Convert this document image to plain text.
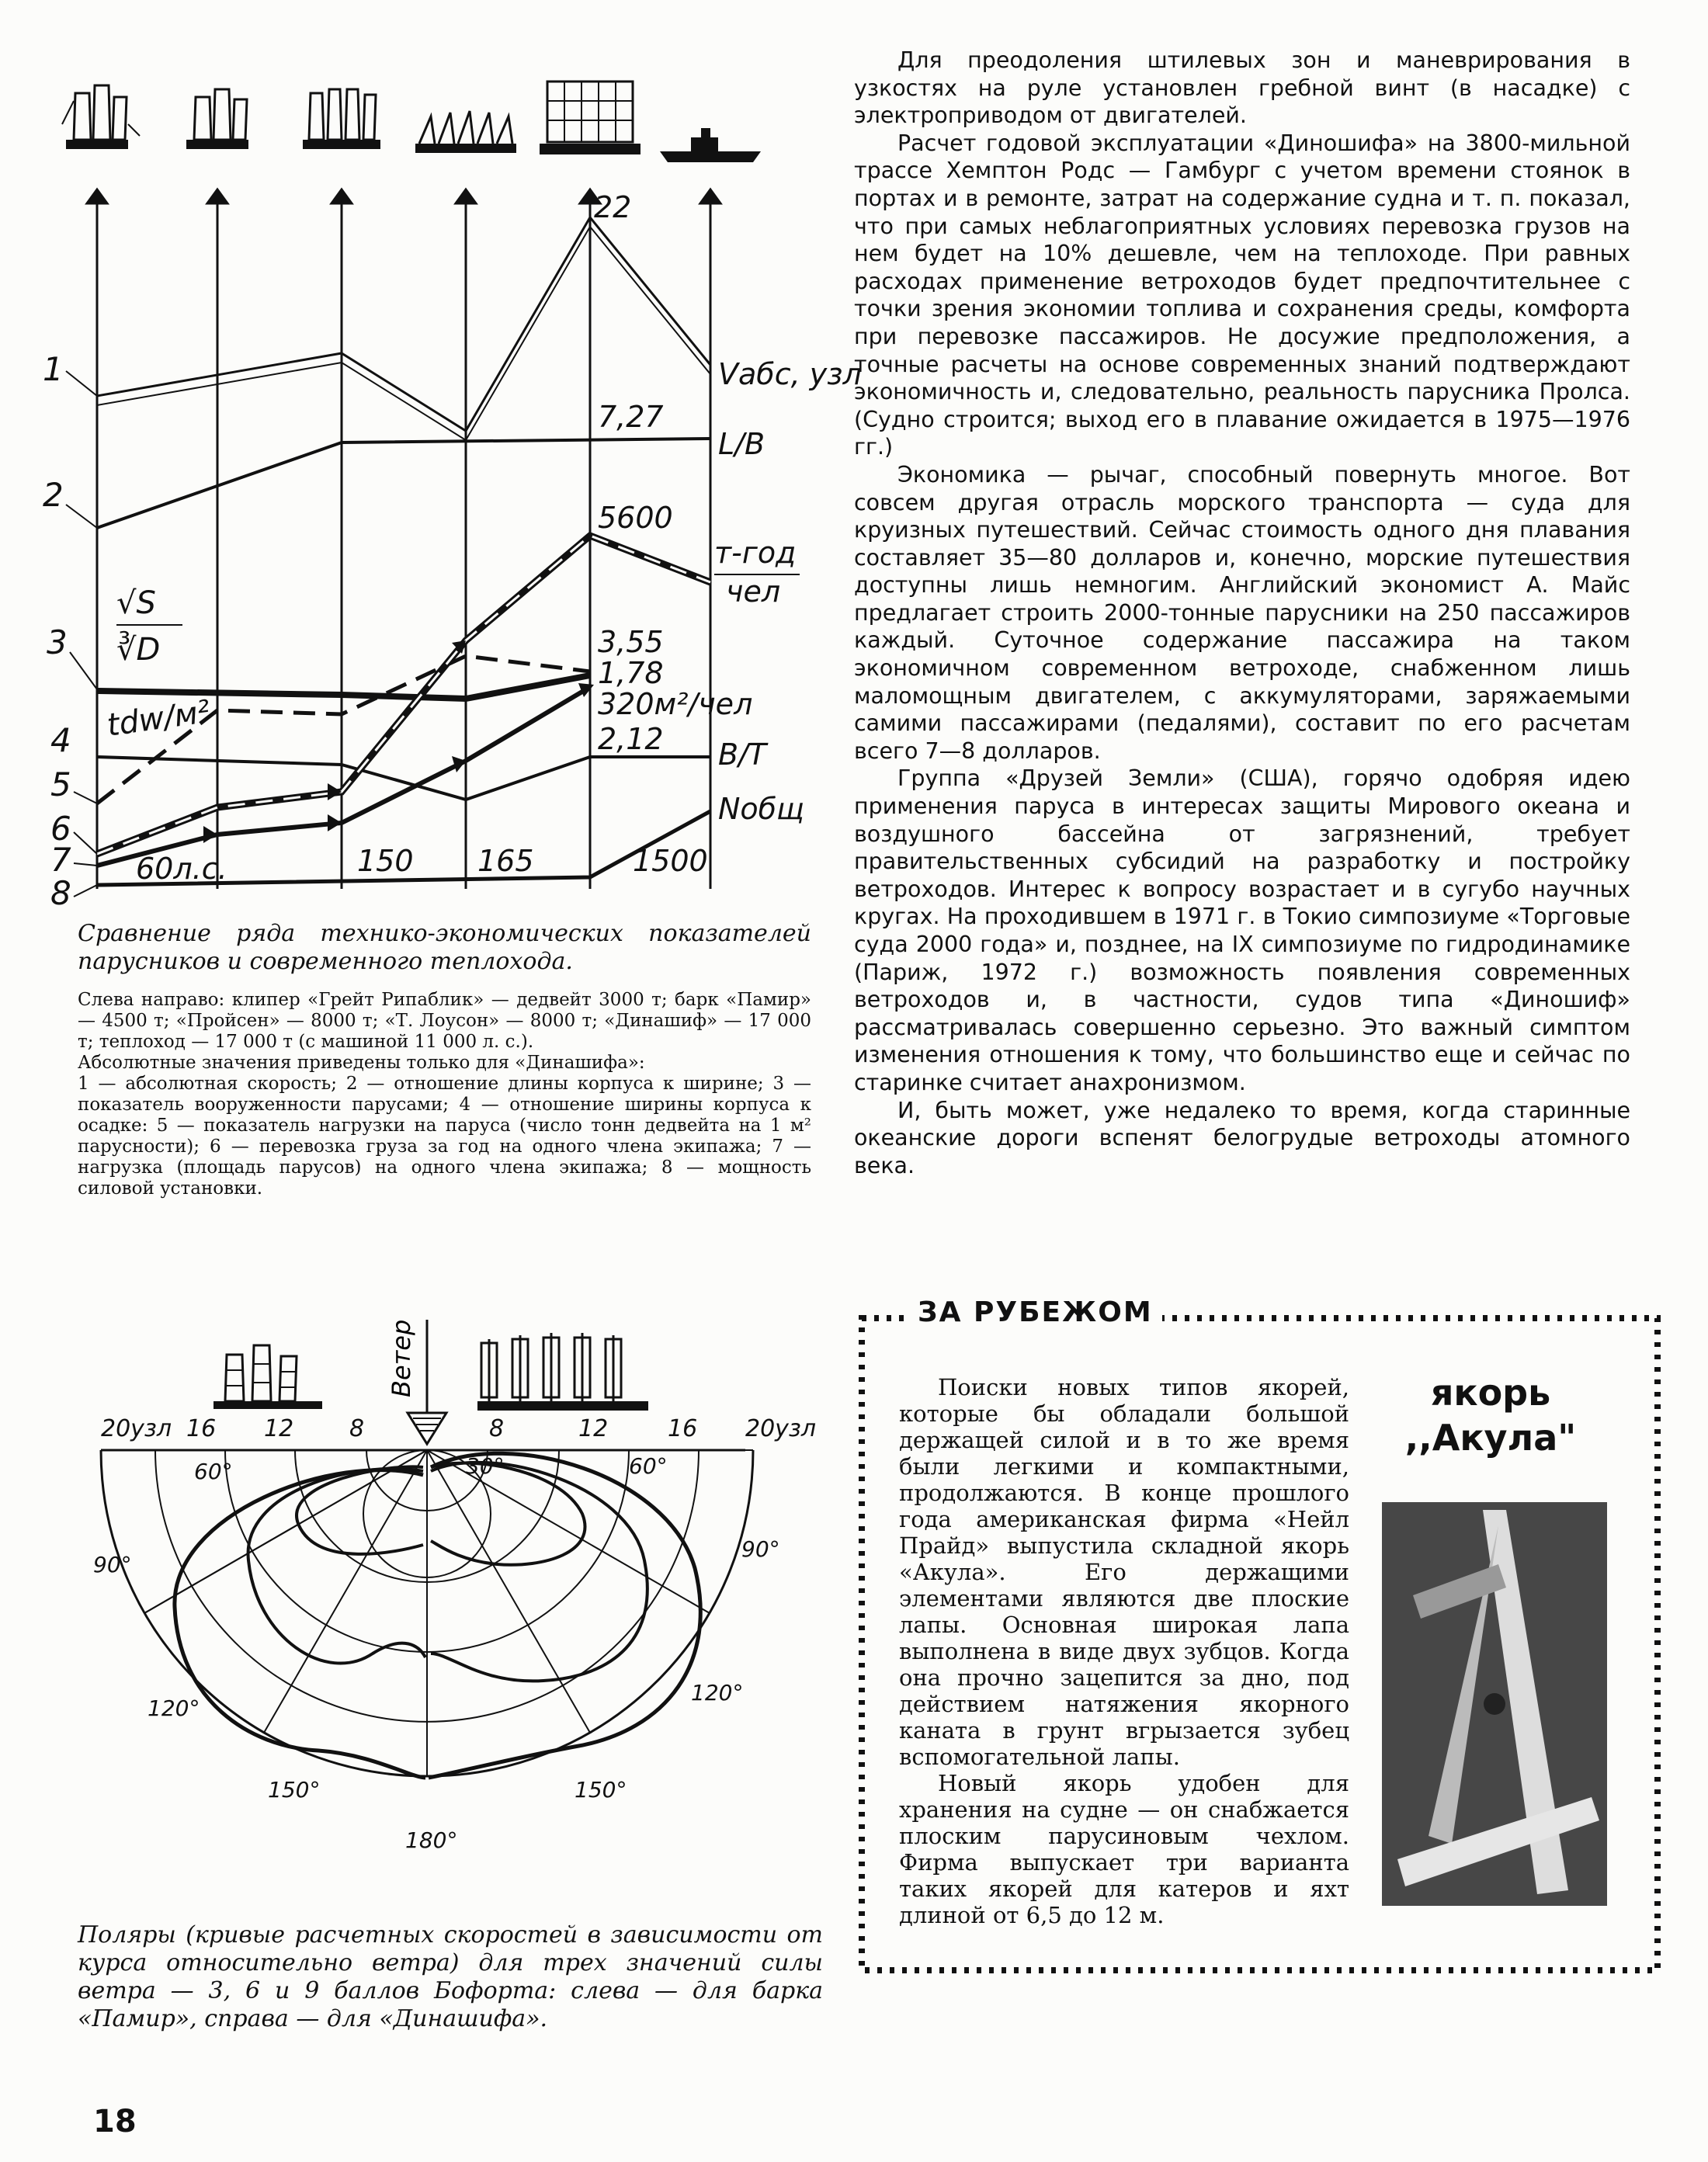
1
2
3
4
5
6
7
8
Vабс, узл
L/B
т-год
чел
B/T
Nобщ
√S
∛D
tdw/м²
22
7,27
5600
3,55
1,78
320м²/чел
2,12
60л.с.	150 165	1500
Сравнение ряда технико-экономических показателей парусников и современного теплохода.

Слева направо: клипер «Грейт Рипаблик» — дедвейт 3000 т; барк «Памир» — 4500 т; «Пройсен» — 8000 т; «Т. Лоусон» — 8000 т; «Динашиф» — 17 000 т; теплоход — 17 000 т (с машиной 11 000 л. с.).

Абсолютные значения приведены только для «Динашифа»:

1 — абсолютная скорость; 2 — отношение длины корпуса к ширине; 3 — показатель вооруженности парусами; 4 — отношение ширины корпуса к осадке: 5 — показатель нагрузки на паруса (число тонн дедвейта на 1 м² парусности); 6 — перевозка груза за год на одного члена экипажа; 7 — нагрузка (площадь парусов) на одного члена экипажа; 8 — мощность силовой установки.

Ветер
20узл 16 12 8	8	12	16 20узл
60°	30°	60°
90°
90°
120°
120°
150°	150°
180°
Поляры (кривые расчетных скоростей в зависимости от курса относительно ветра) для трех значений силы ветра — 3, 6 и 9 баллов Бофорта: слева — для барка «Памир», справа — для «Динашифа».

Для преодоления штилевых зон и маневрирования в узкостях на руле установлен гребной винт (в насадке) с электроприводом от двигателей.

Расчет годовой эксплуатации «Диношифа» на 3800-мильной трассе Хемптон Родс — Гамбург с учетом времени стоянок в портах и в ремонте, затрат на содержание судна и т. п. показал, что при самых неблагоприятных условиях перевозка грузов на нем будет на 10% дешевле, чем на теплоходе. При равных расходах применение ветроходов будет предпочтительнее с точки зрения экономии топлива и сохранения среды, комфорта при перевозке пассажиров. Не досужие предположения, а точные расчеты на основе современных знаний подтверждают экономичность и, следовательно, реальность парусника Пролса. (Судно строится; выход его в плавание ожидается в 1975—1976 гг.)

Экономика — рычаг, способный повернуть многое. Вот совсем другая отрасль морского транспорта — суда для круизных путешествий. Сейчас стоимость одного дня плавания составляет 35—80 долларов и, конечно, морские путешествия доступны лишь немногим. Английский экономист А. Майс предлагает строить 2000-тонные парусники на 250 пассажиров каждый. Суточное содержание пассажира на таком экономичном современном ветроходе, снабженном лишь маломощным двигателем, с аккумуляторами, заряжаемыми самими пассажирами (педалями), составит по его расчетам всего 7—8 долларов.

Группа «Друзей Земли» (США), горячо одобряя идею применения паруса в интересах защиты Мирового океана и воздушного бассейна от загрязнений, требует правительственных субсидий на разработку и постройку ветроходов. Интерес к вопросу возрастает и в сугубо научных кругах. На проходившем в 1971 г. в Токио симпозиуме «Торговые суда 2000 года» и, позднее, на IX симпозиуме по гидродинамике (Париж, 1972 г.) возможность появления современных ветроходов и, в частности, судов типа «Диношиф» рассматривалась совершенно серьезно. Это важный симптом изменения отношения к тому, что большинство еще и сейчас по старинке считает анахронизмом.

И, быть может, уже недалеко то время, когда старинные океанские дороги вспенят белогрудые ветроходы атомного века.

ЗА РУБЕЖОМ

Поиски новых типов якорей, которые бы обладали большой держащей силой и в то же время были легкими и компактными, продолжаются. В конце прошлого года американская фирма «Нейл Прайд» выпустила складной якорь «Акула». Его держащими элементами являются две плоские лапы. Основная широкая лапа выполнена в виде двух зубцов. Когда она прочно зацепится за дно, под действием натяжения якорного каната в грунт вгрызается зубец вспомогательной лапы.

Новый якорь удобен для хранения на судне — он снабжается плоским парусиновым чехлом. Фирма выпускает три варианта таких якорей для катеров и яхт длиной от 6,5 до 12 м.

якорь
,,Акула"
18
